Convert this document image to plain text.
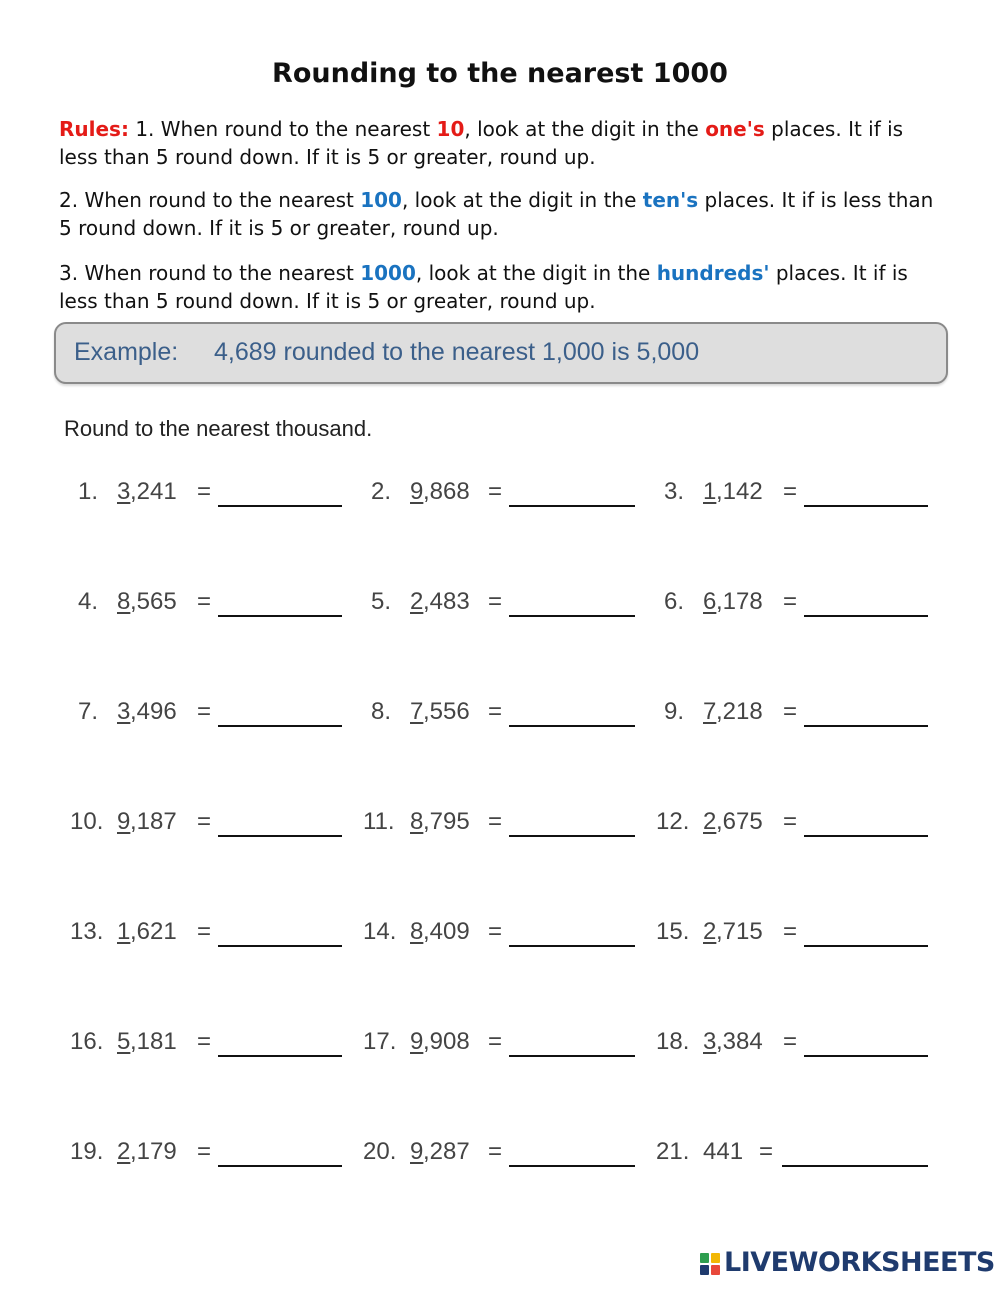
Rounding to the nearest 1000

Rules: 1. When round to the nearest 10, look at the digit in the one's places. It if is less than 5 round down. If it is 5 or greater, round up.

2. When round to the nearest 100, look at the digit in the ten's places. It if is less than 5 round down. If it is 5 or greater, round up.

3. When round to the nearest 1000, look at the digit in the hundreds' places. It if is less than 5 round down. If it is 5 or greater, round up.

Example: 4,689 rounded to the nearest 1,000 is 5,000

Round to the nearest thousand.

1. 3 ,241 =	2. 9 ,868 =	3. 1 ,142 =
4. 8 ,565 =	5. 2 ,483 =	6. 6 ,178 =
7. 3 ,496 =	8. 7 ,556 =	9. 7 ,218 =
10. 9 ,187 =	11. 8 ,795 =	12. 2 ,675 =
13. 1 ,621 =	14. 8 ,409 =	15. 2 ,715 =
16. 5 ,181 =	17. 9 ,908 =	18. 3 ,384 =
19. 2 ,179 =	20. 9 ,287 =	21. 441 =
LIVEWORKSHEETS
